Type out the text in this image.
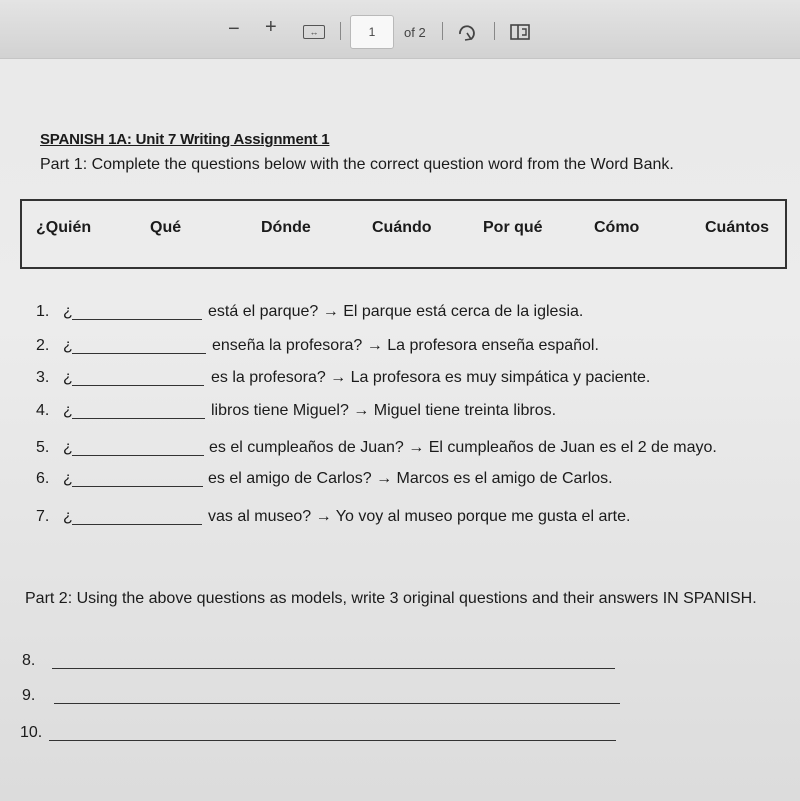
− +	↔	1	of 2
SPANISH 1A: Unit 7 Writing Assignment 1
Part 1: Complete the questions below with the correct question word from the Word Bank.
¿Quién	Qué	Dónde	Cuándo	Por qué	Cómo	Cuántos
1. ¿	está el parque? → El parque está cerca de la iglesia.
2. ¿	enseña la profesora? → La profesora enseña español.
3. ¿	es la profesora? → La profesora es muy simpática y paciente.
4. ¿	libros tiene Miguel? → Miguel tiene treinta libros.
5. ¿	es el cumpleaños de Juan? → El cumpleaños de Juan es el 2 de mayo.
6. ¿	es el amigo de Carlos? → Marcos es el amigo de Carlos.
7. ¿	vas al museo? → Yo voy al museo porque me gusta el arte.
Part 2: Using the above questions as models, write 3 original questions and their answers IN SPANISH.
8.
9.
10.
